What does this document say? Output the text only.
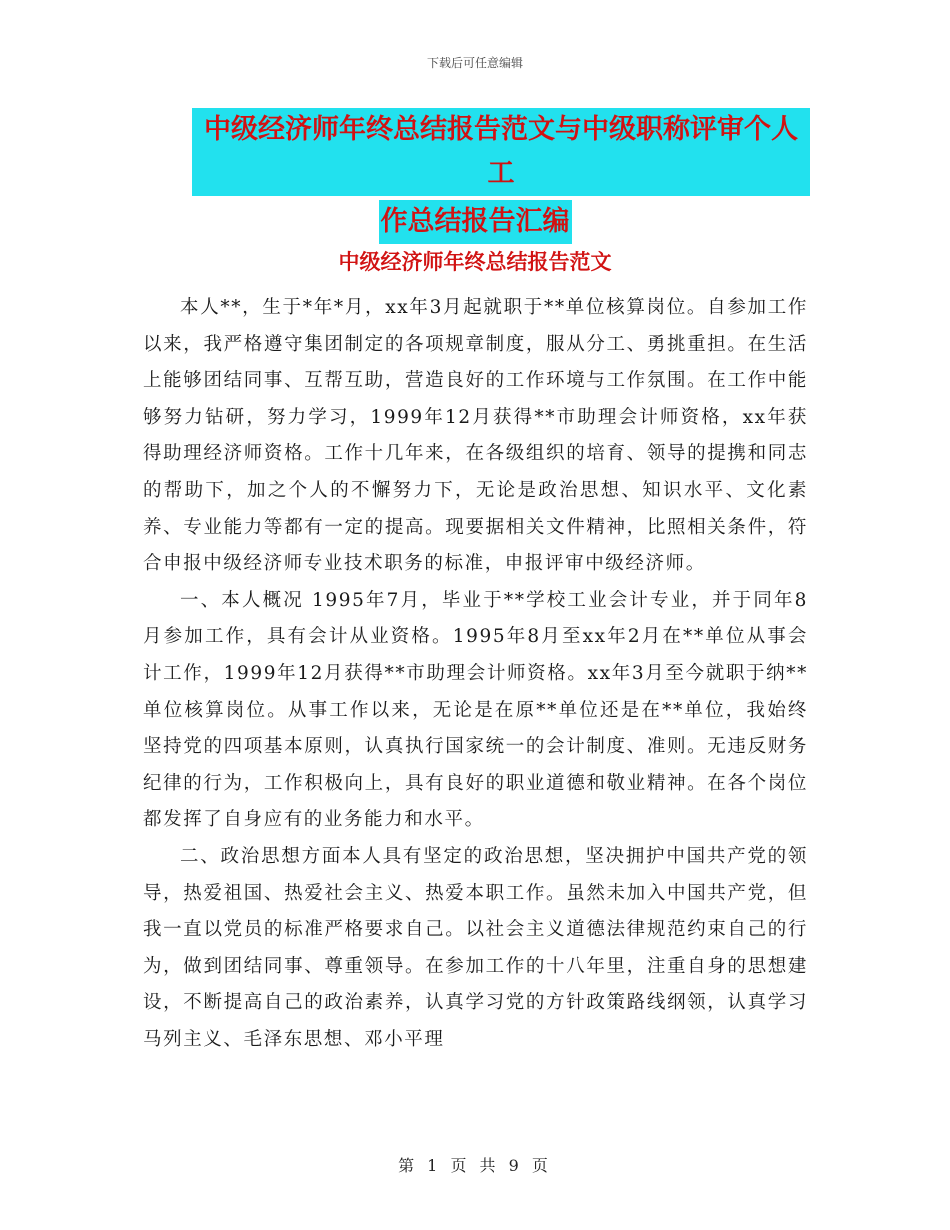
下载后可任意编辑
中级经济师年终总结报告范文与中级职称评审个人工
作总结报告汇编
中级经济师年终总结报告范文

本人**，生于*年*月，xx年3月起就职于**单位核算岗位。自参加工作以来，我严格遵守集团制定的各项规章制度，服从分工、勇挑重担。在生活上能够团结同事、互帮互助，营造良好的工作环境与工作氛围。在工作中能够努力钻研，努力学习，1999年12月获得**市助理会计师资格，xx年获得助理经济师资格。工作十几年来，在各级组织的培育、领导的提携和同志的帮助下，加之个人的不懈努力下，无论是政治思想、知识水平、文化素养、专业能力等都有一定的提高。现要据相关文件精神，比照相关条件，符合申报中级经济师专业技术职务的标准，申报评审中级经济师。

一、本人概况 1995年7月，毕业于**学校工业会计专业，并于同年8月参加工作，具有会计从业资格。1995年8月至xx年2月在**单位从事会计工作，1999年12月获得**市助理会计师资格。xx年3月至今就职于纳**单位核算岗位。从事工作以来，无论是在原**单位还是在**单位，我始终坚持党的四项基本原则，认真执行国家统一的会计制度、准则。无违反财务纪律的行为，工作积极向上，具有良好的职业道德和敬业精神。在各个岗位都发挥了自身应有的业务能力和水平。

二、政治思想方面本人具有坚定的政治思想，坚决拥护中国共产党的领导，热爱祖国、热爱社会主义、热爱本职工作。虽然未加入中国共产党，但我一直以党员的标准严格要求自己。以社会主义道德法律规范约束自己的行为，做到团结同事、尊重领导。在参加工作的十八年里，注重自身的思想建设，不断提高自己的政治素养，认真学习党的方针政策路线纲领，认真学习马列主义、毛泽东思想、邓小平理

第 1 页 共 9 页
